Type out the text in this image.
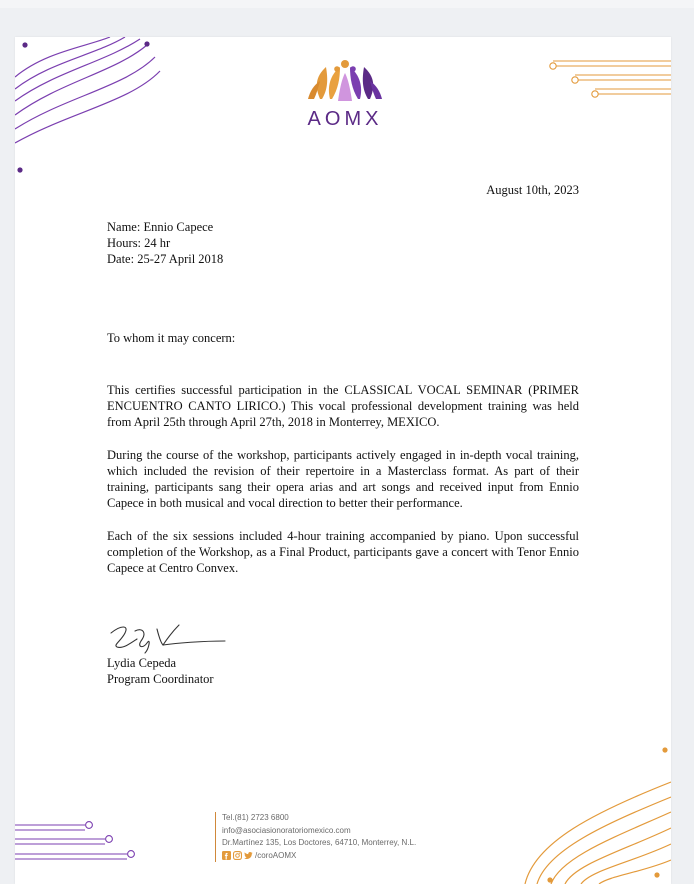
AOMX
August 10th, 2023
Name: Ennio Capece
Hours: 24 hr
Date: 25-27 April 2018
To whom it may concern:
This certifies successful participation in the CLASSICAL VOCAL SEMINAR (PRIMER ENCUENTRO CANTO LIRICO.) This vocal professional development training was held from April 25th through April 27th, 2018 in Monterrey, MEXICO.
During the course of the workshop, participants actively engaged in in-depth vocal training, which included the revision of their repertoire in a Masterclass format. As part of their training, participants sang their opera arias and art songs and received input from Ennio Capece in both musical and vocal direction to better their performance.
Each of the six sessions included 4-hour training accompanied by piano. Upon successful completion of the Workshop, as a Final Product, participants gave a concert with Tenor Ennio Capece at Centro Convex.
Lydia Cepeda
Program Coordinator
Tel.(81) 2723 6800
info@asociasionoratoriomexico.com
Dr.Martínez 135, Los Doctores, 64710, Monterrey, N.L.
/coroAOMX
